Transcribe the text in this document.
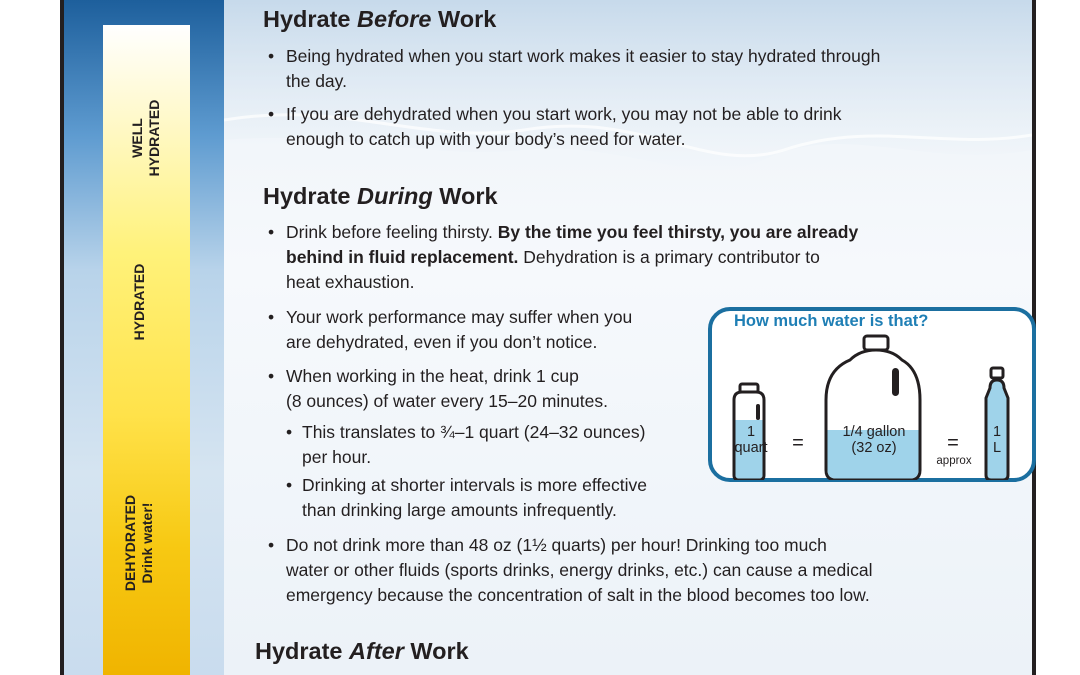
WELL HYDRATED
HYDRATED
DEHYDRATED Drink water!
Hydrate Before Work
• Being hydrated when you start work makes it easier to stay hydrated through
the day.
• If you are dehydrated when you start work, you may not be able to drink
enough to catch up with your body’s need for water.
Hydrate During Work
• Drink before feeling thirsty. By the time you feel thirsty, you are already
behind in fluid replacement. Dehydration is a primary contributor to
heat exhaustion.
• Your work performance may suffer when you
are dehydrated, even if you don’t notice.
• When working in the heat, drink 1 cup
(8 ounces) of water every 15–20 minutes.
• This translates to ¾–1 quart (24–32 ounces)
per hour.
• Drinking at shorter intervals is more effective
than drinking large amounts infrequently.
• Do not drink more than 48 oz (1½ quarts) per hour! Drinking too much
water or other fluids (sports drinks, energy drinks, etc.) can cause a medical
emergency because the concentration of salt in the blood becomes too low.
Hydrate After Work
How much water is that?
1
quart =	1/4 gallon
(32 oz)	=
approx
1
L
